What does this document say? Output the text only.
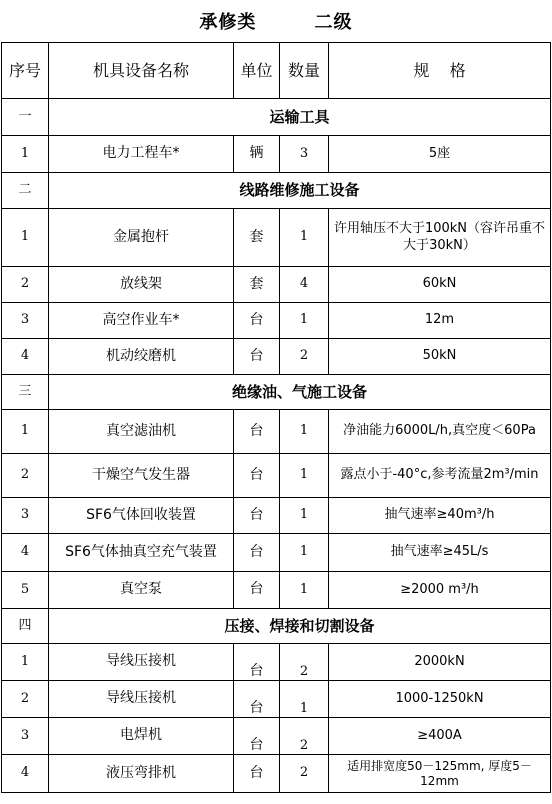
承修类        二级
序号	机具设备名称	单位	数量	规    格
一	运输工具			
1	电力工程车*	辆	3	5座
二	线路维修施工设备			
1	金属抱杆	套	1	许用轴压不大于100kN（容许吊重不大于30kN）
2	放线架	套	4	60kN
3	高空作业车*	台	1	12m
4	机动绞磨机	台	2	50kN
三	绝缘油、气施工设备			
1	真空滤油机	台	1	净油能力6000L/h,真空度＜60Pa
2	干燥空气发生器	台	1	露点小于-40°c,参考流量2m³/min
3	SF6气体回收装置	台	1	抽气速率≥40m³/h
4	SF6气体抽真空充气装置	台	1	抽气速率≥45L/s
5	真空泵	台	1	≥2000 m³/h
四	压接、焊接和切割设备			
1	导线压接机	台	2	2000kN
2	导线压接机	台	1	1000-1250kN
3	电焊机	台	2	≥400A
4	液压弯排机	台	2	适用排宽度50－125mm, 厚度5－12mm
